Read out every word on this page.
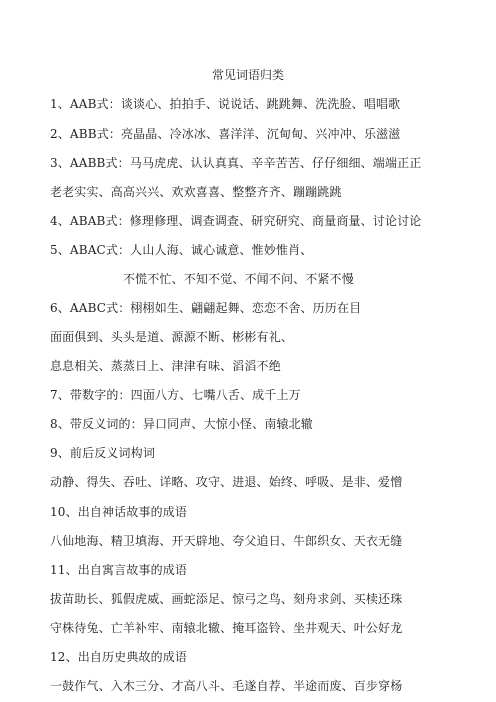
常见词语归类
1、AAB式：谈谈心、拍拍手、说说话、跳跳舞、洗洗脸、唱唱歌
2、ABB式：亮晶晶、冷冰冰、喜洋洋、沉甸甸、兴冲冲、乐滋滋
3、AABB式：马马虎虎、认认真真、辛辛苦苦、仔仔细细、端端正正
老老实实、高高兴兴、欢欢喜喜、整整齐齐、蹦蹦跳跳
4、ABAB式：修理修理、调查调查、研究研究、商量商量、讨论讨论
5、ABAC式：人山人海、诚心诚意、惟妙惟肖、
不慌不忙、不知不觉、不闻不问、不紧不慢
6、AABC式：栩栩如生、翩翩起舞、恋恋不舍、历历在目
面面俱到、头头是道、源源不断、彬彬有礼、
息息相关、蒸蒸日上、津津有味、滔滔不绝
7、带数字的：四面八方、七嘴八舌、成千上万
8、带反义词的：异口同声、大惊小怪、南辕北辙
9、前后反义词构词
动静、得失、吞吐、详略、攻守、进退、始终、呼吸、是非、爱憎
10、出自神话故事的成语
八仙地海、精卫填海、开天辟地、夸父追日、牛郎织女、天衣无缝
11、出自寓言故事的成语
拔苗助长、狐假虎威、画蛇添足、惊弓之鸟、刻舟求剑、买椟还珠
守株待兔、亡羊补牢、南辕北辙、掩耳盗铃、坐井观天、叶公好龙
12、出自历史典故的成语
一鼓作气、入木三分、才高八斗、毛遂自荐、半途而废、百步穿杨
